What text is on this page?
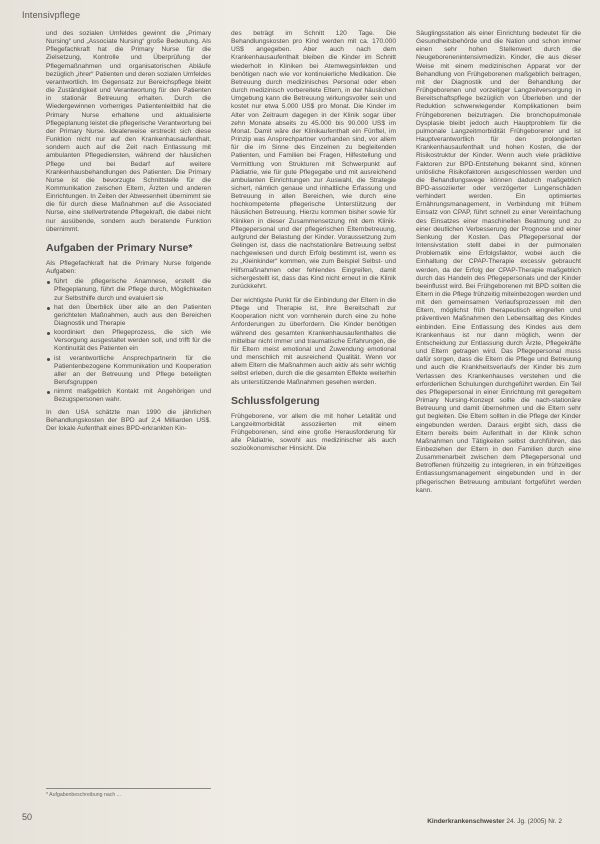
Intensivpflege

und des sozialen Umfeldes gewinnt die „Primary Nursing“ und „Associate Nursing“ große Bedeutung. Als Pflegefachkraft hat die Primary Nurse für die Zielsetzung, Kontrolle und Überprüfung der Pflegemaßnahmen und organisatorischen Abläufe bezüglich „ihrer“ Patienten und deren sozialen Umfeldes verantwortlich. Im Gegensatz zur Bereichspflege bleibt die Zuständigkeit und Verantwortung für den Patienten in stationär Betreuung erhalten. Durch die Wiedergewinnen vorherriges Patientenleitbild hat die Primary Nurse erhaltene und aktualisierte Pflegeplanung leistet die pflegerische Verantwortung bei der Primary Nurse. Idealerweise erstreckt sich diese Funktion nicht nur auf den Krankenhausaufenthalt, sondern auch auf die Zeit nach Entlassung mit ambulanten Pflegediensten, während der häuslichen Pflege und bei Bedarf auf weitere Krankenhausbehandlungen des Patienten. Die Primary Nurse ist die bevorzugte Schnittstelle für die Kommunikation zwischen Eltern, Ärzten und anderen Einrichtungen. In Zeiten der Abwesenheit übernimmt sie die für durch diese Maßnahmen auf die Associated Nurse, eine stellvertretende Pflegekraft, die dabei nicht nur ausübende, sondern auch beratende Funktion übernimmt.

Aufgaben der Primary Nurse*

Als Pflegefachkraft hat die Primary Nurse folgende Aufgaben:

führt die pflegerische Anamnese, erstellt die Pflegeplanung, führt die Pflege durch, Möglichkeiten zur Selbsthilfe durch und evaluiert sie
hat den Überblick über alle an den Patienten gerichteten Maßnahmen, auch aus den Bereichen Diagnostik und Therapie
koordiniert den Pflegeprozess, die sich wie Versorgung ausgestaltet werden soll, und trifft für die Kontinuität des Patienten ein
ist verantwortliche Ansprechpartnerin für die Patientenbezogene Kommunikation und Kooperation aller an der Betreuung und Pflege beteiligten Berufsgruppen
nimmt maßgeblich Kontakt mit Angehörigen und Bezugspersonen wahr.

In den USA schätzte man 1990 die jährlichen Behandlungskosten der BPD auf 2,4 Milliarden US$. Der lokale Aufenthalt eines BPD-erkrankten Kin-

des beträgt im Schnitt 120 Tage. Die Behandlungskosten pro Kind werden mit ca. 170.000 US$ angegeben. Aber auch nach dem Krankenhausaufenthalt bleiben die Kinder im Schnitt wiederholt in Kliniken bei Atemwegsinfekten und benötigen nach wie vor kontinuierliche Medikation. Die Betreuung durch medizinisches Personal oder eben durch medizinisch vorbereitete Eltern, in der häuslichen Umgebung kann die Betreuung wirkungsvoller sein und kostet nur etwa 5.000 US$ pro Monat. Die Kinder im Alter von Zeitraum dagegen in der Klinik sogar über zehn Monate abseits zu 45.000 bis 90.000 US$ im Monat. Damit wäre der Klinikaufenthalt ein Fünftel, im Prinzip was Ansprechpartner vorhanden sind, vor allem für die im Sinne des Einzelnen zu begleitenden Patienten, und Familien bei Fragen, Hilfestellung und Vermittlung von Strukturen mit Schwerpunkt auf Pädiatrie, wie für gute Pflegegabe und mit ausreichend ambulanten Einrichtungen zur Auswahl, die Strategie sichert, nämlich genaue und inhaltliche Erfassung und Betreuung in allen Bereichen, wie durch eine hochkompetente pflegerische Unterstützung der häuslichen Betreuung. Hierzu kommen bisher sowie für Kliniken in dieser Zusammensetzung mit dem Klinik-Pflegepersonal und der pflegerischen Elternbetreuung, aufgrund der Belastung der Kinder. Voraussetzung zum Gelingen ist, dass die nachstationäre Betreuung selbst nachgewiesen und durch Erfolg bestimmt ist, wenn es zu „Kleinkinder“ kommen, wie zum Beispiel Selbst- und Hilfsmaßnahmen oder fehlendes Eingreifen, damit sichergestellt ist, dass das Kind nicht erneut in die Klinik zurückkehrt.

Der wichtigste Punkt für die Einbindung der Eltern in die Pflege und Therapie ist, ihre Bereitschaft zur Kooperation nicht von vornherein durch eine zu hohe Anforderungen zu überfordern. Die Kinder benötigen während des gesamten Krankenhausaufenthaltes die mittelbar nicht immer und traumatische Erfahrungen, die für Eltern meist emotional und Zuwendung emotional und menschlich mit ausreichend Qualität. Wenn vor allem Eltern die Maßnahmen auch aktiv als sehr wichtig selbst erleben, durch die die gesamten Effekte weiterhin als unterstützende Maßnahmen gesehen werden.

Schlussfolgerung

Frühgeborene, vor allem die mit hoher Letalität und Langzeitmorbidität assoziierten mit einem Frühgeborenen, sind eine große Herausforderung für alle Pädiatrie, sowohl aus medizinischer als auch sozioökonomischer Hinsicht. Die

Säuglingsstation als einer Einrichtung bedeutet für die Gesundheitsbehörde und die Nation und schon immer einen sehr hohen Stellenwert durch die Neugeborenenintensivmedizin. Kinder, die aus dieser Weise mit einem medizinischen Apparat vor der Behandlung von Frühgeborenen maßgeblich beitragen, mit der Diagnostik und der Behandlung der Frühgeborenen und vorzeitiger Langzeitversorgung in Bereitschaftspflege bezüglich von Überleben und der Reduktion schwerwiegender Komplikationen beim Frühgeborenen beizutragen. Die bronchopulmonale Dysplasie bleibt jedoch auch Hauptproblem für die pulmonale Langzeitmorbidität Frühgeborener und ist Hauptverantwortlich für den prolongierten Krankenhausaufenthalt und hohen Kosten, die der Risikostruktur der Kinder. Wenn auch viele prädiktive Faktoren zur BPD-Entstehung bekannt sind, können unlösliche Risikofaktoren ausgeschlossen werden und die Behandlungswege können dadurch maßgeblich BPD-assoziierter oder verzögerter Lungenschäden verhindert werden. Ein optimiertes Ernährungsmanagement, in Verbindung mit frühem Einsatz von CPAP, führt schnell zu einer Vereinfachung des Einsatzes einer maschinellen Beatmung und zu einer deutlichen Verbesserung der Prognose und einer Senkung der Kosten. Das Pflegepersonal der Intensivstation stellt dabei in der pulmonalen Problematik eine Erfolgsfaktor, wobei auch die Einhaltung der CPAP-Therapie excessiv gebraucht werden, da der Erfolg der CPAP-Therapie maßgeblich durch das Handeln des Pflegepersonals und der Kinder beeinflusst wird. Bei Frühgeborenen mit BPD sollten die Eltern in die Pflege frühzeitig miteinbezogen werden und mit den gemeinsamen Verlaufsprozessen mit den Eltern, möglichst früh therapeutisch eingreifen und präventiven Maßnahmen den Lebensalltag des Kindes einbinden. Eine Entlassung des Kindes aus dem Krankenhaus ist nur dann möglich, wenn der Entscheidung zur Entlassung durch Ärzte, Pflegekräfte und Eltern getragen wird. Das Pflegepersonal muss dafür sorgen, dass die Eltern die Pflege und Betreuung und auch die Krankheitsverlaufs der Kinder bis zum Verlassen des Krankenhauses verstehen und die erforderlichen Schulungen durchgeführt werden. Ein Teil des Pflegepersonal in einer Einrichtung mit geregeltem Primary Nursing-Konzept sollte die nach-stationäre Betreuung und damit übernehmen und die Eltern sehr gut begleiten. Die Eltern sollten in die Pflege der Kinder eingebunden werden. Daraus ergibt sich, dass die Eltern bereits beim Aufenthalt in der Klinik schon Maßnahmen und Tätigkeiten selbst durchführen, das Einbeziehen der Eltern in den Familien durch eine Zusammenarbeit zwischen dem Pflegepersonal und Betroffenen frühzeitig zu integrieren, in ein frühzeitiges Entlassungsmanagement eingebunden und in der pflegerischen Betreuung ambulant fortgeführt werden kann.

* Aufgabenbeschreibung nach ...
50	Kinderkrankenschwester 24. Jg. (2005) Nr. 2
